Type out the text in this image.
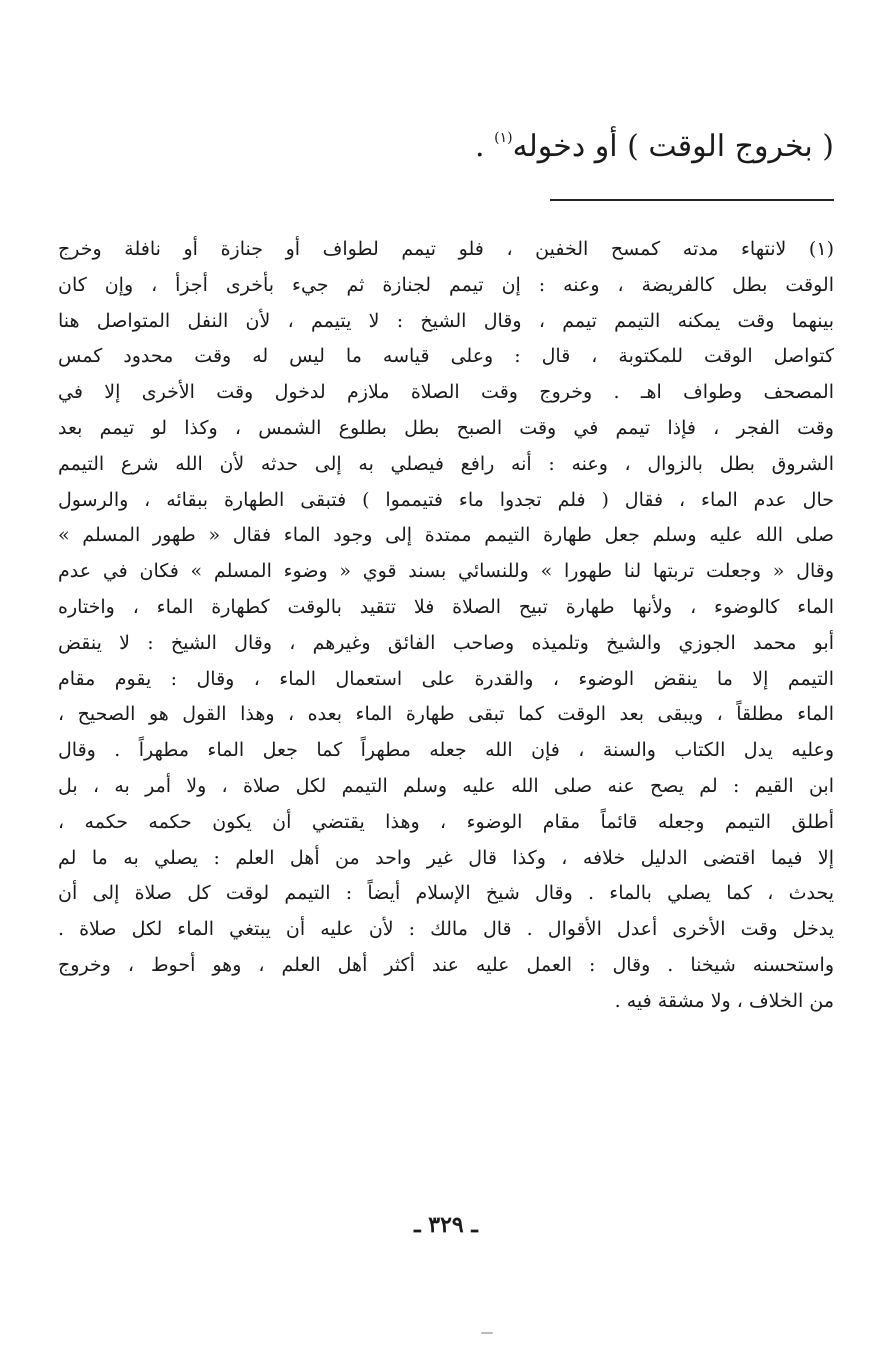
( بخروج الوقت ) أو دخوله$^{(١)}$ .
(١) لانتهاء مدته كمسح الخفين ، فلو تيمم لطواف أو جنازة أو نافلة وخرج
الوقت بطل كالفريضة ، وعنه : إن تيمم لجنازة ثم جيء بأخرى أجزأ ، وإن كان
بينهما وقت يمكنه التيمم تيمم ، وقال الشيخ : لا يتيمم ، لأن النفل المتواصل هنا
كتواصل الوقت للمكتوبة ، قال : وعلى قياسه ما ليس له وقت محدود كمس
المصحف وطواف اهـ . وخروج وقت الصلاة ملازم لدخول وقت الأخرى إلا في
وقت الفجر ، فإذا تيمم في وقت الصبح بطل بطلوع الشمس ، وكذا لو تيمم بعد
الشروق بطل بالزوال ، وعنه : أنه رافع فيصلي به إلى حدثه لأن الله شرع التيمم
حال عدم الماء ، فقال ( فلم تجدوا ماء فتيمموا ) فتبقى الطهارة ببقائه ، والرسول
صلى الله عليه وسلم جعل طهارة التيمم ممتدة إلى وجود الماء فقال « طهور المسلم »
وقال « وجعلت تربتها لنا طهورا » وللنسائي بسند قوي « وضوء المسلم » فكان في عدم
الماء كالوضوء ، ولأنها طهارة تبيح الصلاة فلا تتقيد بالوقت كطهارة الماء ، واختاره
أبو محمد الجوزي والشيخ وتلميذه وصاحب الفائق وغيرهم ، وقال الشيخ : لا ينقض
التيمم إلا ما ينقض الوضوء ، والقدرة على استعمال الماء ، وقال : يقوم مقام
الماء مطلقاً ، ويبقى بعد الوقت كما تبقى طهارة الماء بعده ، وهذا القول هو الصحيح ،
وعليه يدل الكتاب والسنة ، فإن الله جعله مطهراً كما جعل الماء مطهراً . وقال
ابن القيم : لم يصح عنه صلى الله عليه وسلم التيمم لكل صلاة ، ولا أمر به ، بل
أطلق التيمم وجعله قائماً مقام الوضوء ، وهذا يقتضي أن يكون حكمه حكمه ،
إلا فيما اقتضى الدليل خلافه ، وكذا قال غير واحد من أهل العلم : يصلي به ما لم
يحدث ، كما يصلي بالماء . وقال شيخ الإسلام أيضاً : التيمم لوقت كل صلاة إلى أن
يدخل وقت الأخرى أعدل الأقوال . قال مالك : لأن عليه أن يبتغي الماء لكل صلاة .
واستحسنه شيخنا . وقال : العمل عليه عند أكثر أهل العلم ، وهو أحوط ، وخروج
من الخلاف ، ولا مشقة فيه .
ـ ٣٢٩ ـ
